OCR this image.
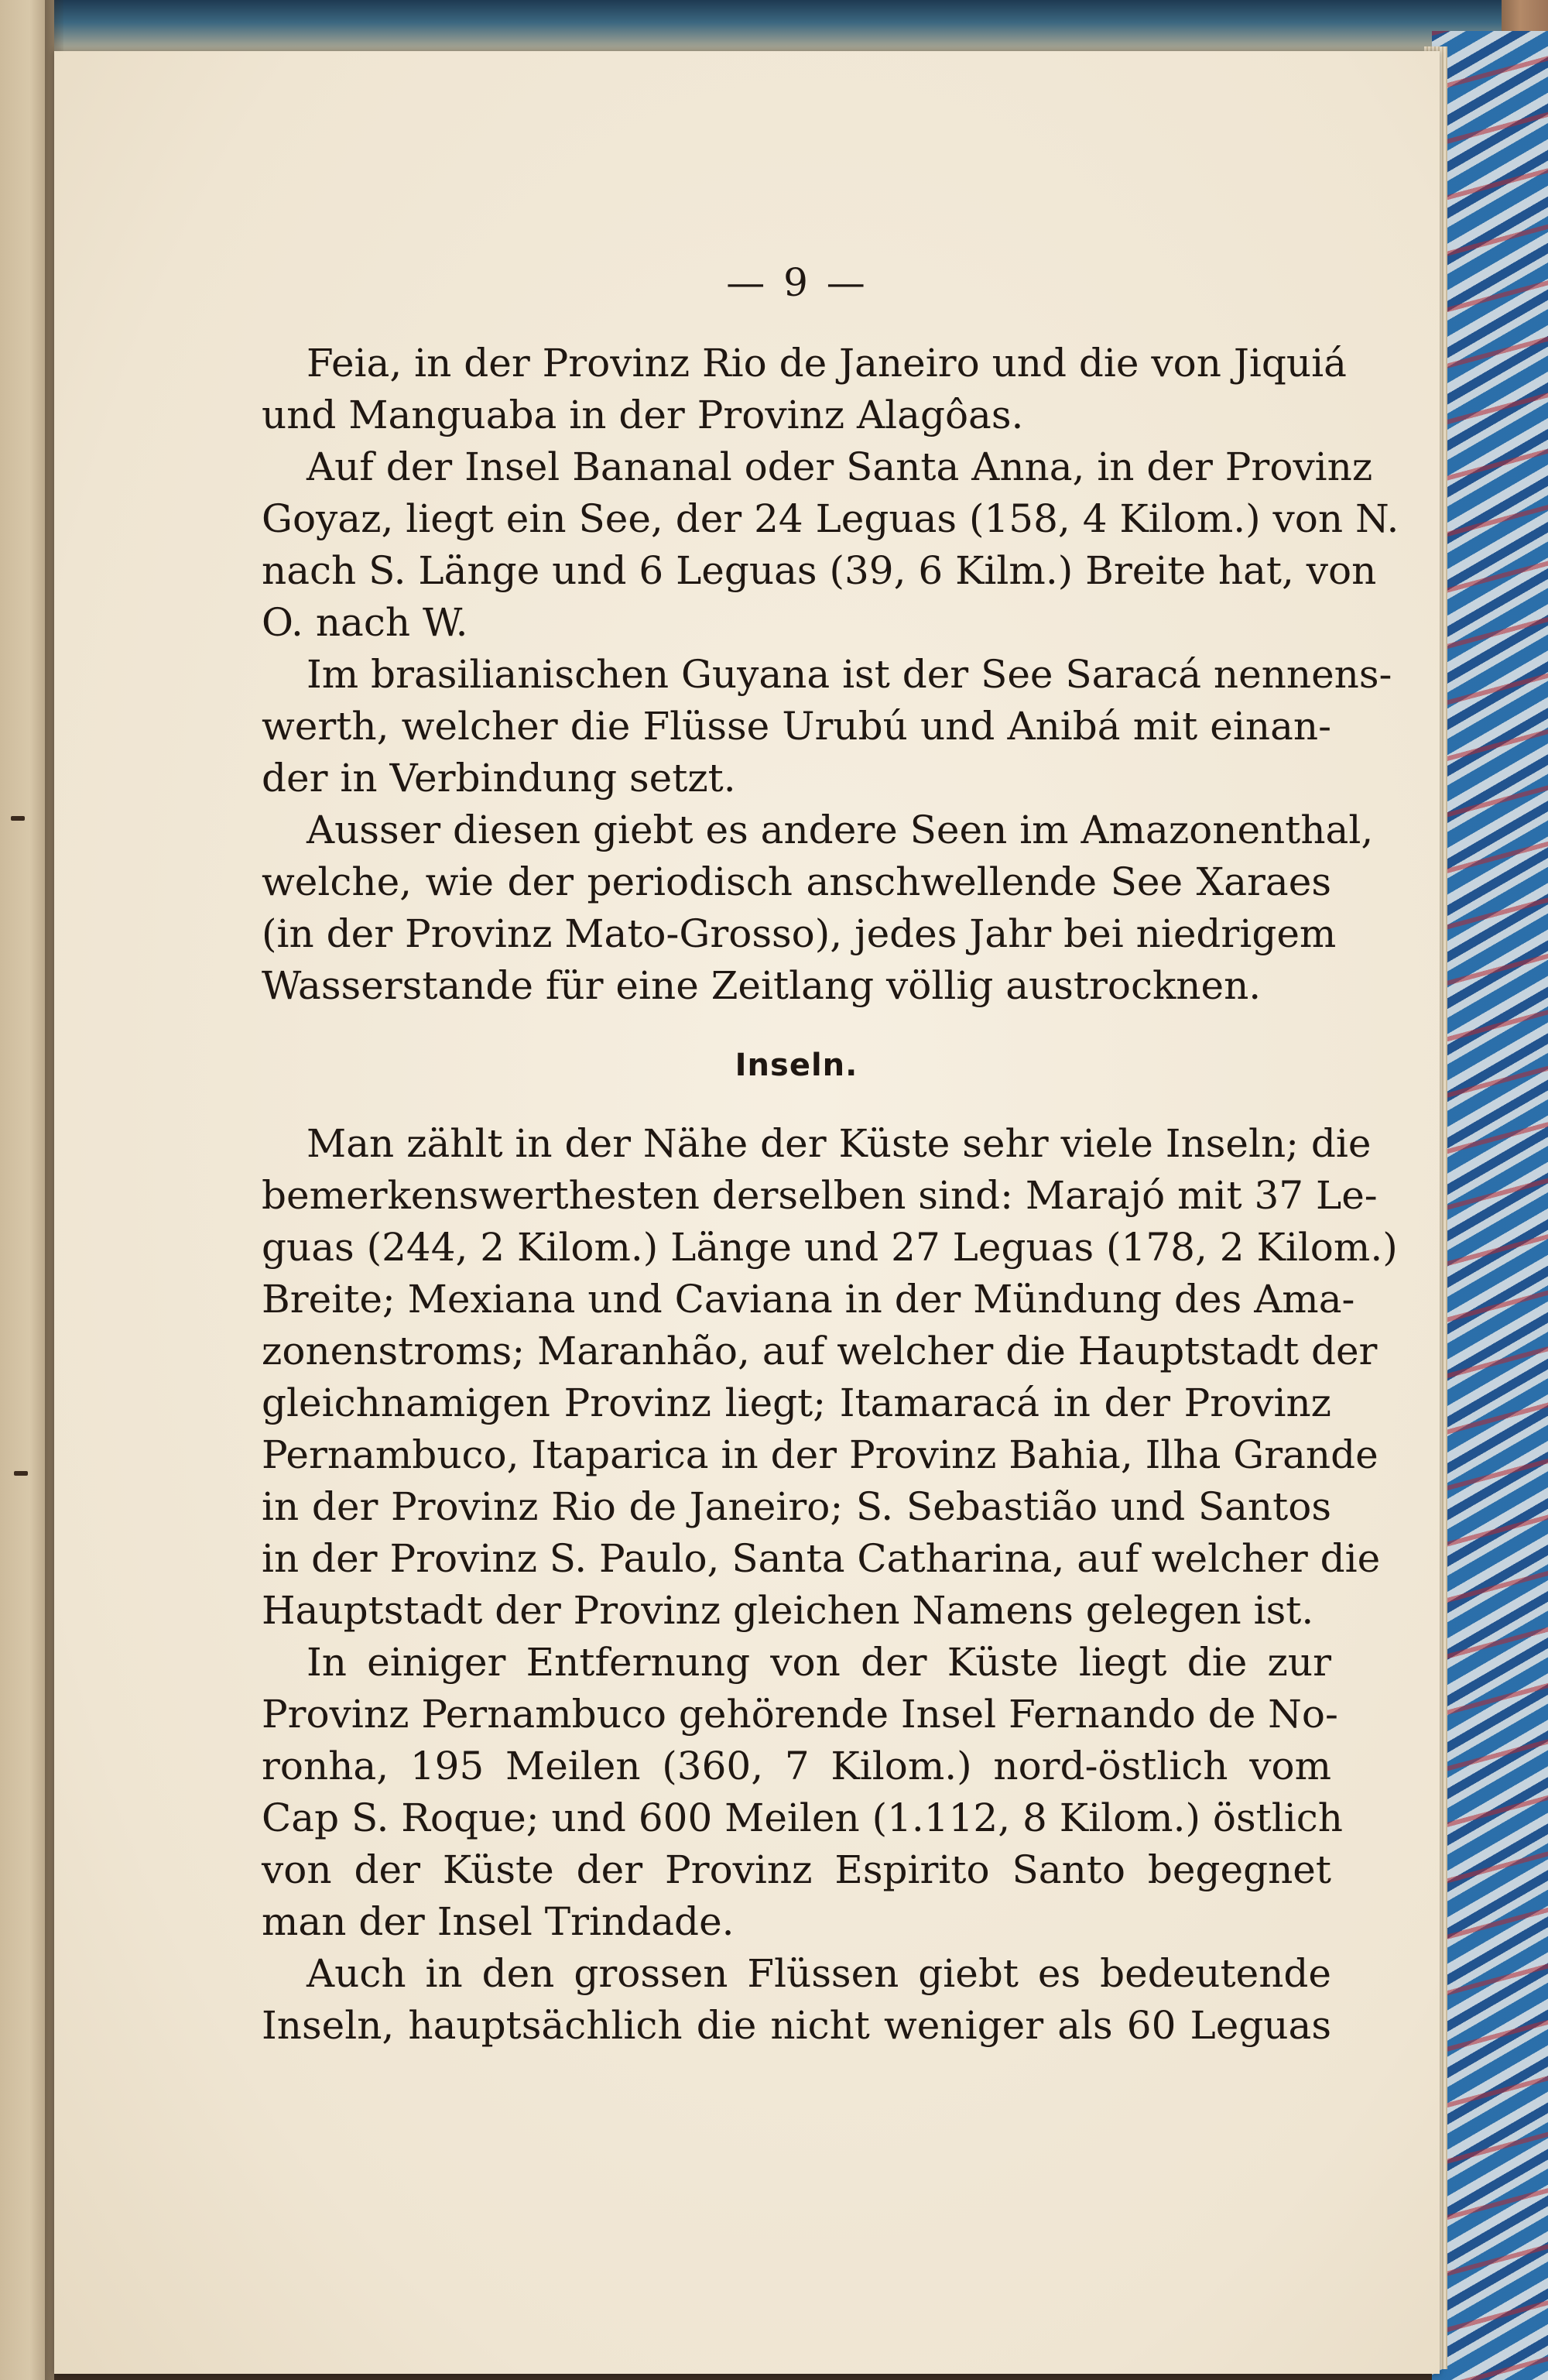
— 9 —
Feia, in der Provinz Rio de Janeiro und die von Jiquiá
und Manguaba in der Provinz Alagôas.
Auf der Insel Bananal oder Santa Anna, in der Provinz
Goyaz, liegt ein See, der 24 Leguas (158, 4 Kilom.) von N.
nach S. Länge und 6 Leguas (39, 6 Kilm.) Breite hat, von
O. nach W.
Im brasilianischen Guyana ist der See Saracá nennens-
werth, welcher die Flüsse Urubú und Anibá mit einan-
der in Verbindung setzt.
Ausser diesen giebt es andere Seen im Amazonenthal,
welche, wie der periodisch anschwellende See Xaraes
(in der Provinz Mato-Grosso), jedes Jahr bei niedrigem
Wasserstande für eine Zeitlang völlig austrocknen.
Inseln.
Man zählt in der Nähe der Küste sehr viele Inseln; die
bemerkenswerthesten derselben sind: Marajó mit 37 Le-
guas (244, 2 Kilom.) Länge und 27 Leguas (178, 2 Kilom.)
Breite; Mexiana und Caviana in der Mündung des Ama-
zonenstroms; Maranhão, auf welcher die Hauptstadt der
gleichnamigen Provinz liegt; Itamaracá in der Provinz
Pernambuco, Itaparica in der Provinz Bahia, Ilha Grande
in der Provinz Rio de Janeiro; S. Sebastião und Santos
in der Provinz S. Paulo, Santa Catharina, auf welcher die
Hauptstadt der Provinz gleichen Namens gelegen ist.
In einiger Entfernung von der Küste liegt die zur
Provinz Pernambuco gehörende Insel Fernando de No-
ronha, 195 Meilen (360, 7 Kilom.) nord-östlich vom
Cap S. Roque; und 600 Meilen (1.112, 8 Kilom.) östlich
von der Küste der Provinz Espirito Santo begegnet
man der Insel Trindade.
Auch in den grossen Flüssen giebt es bedeutende
Inseln, hauptsächlich die nicht weniger als 60 Leguas
